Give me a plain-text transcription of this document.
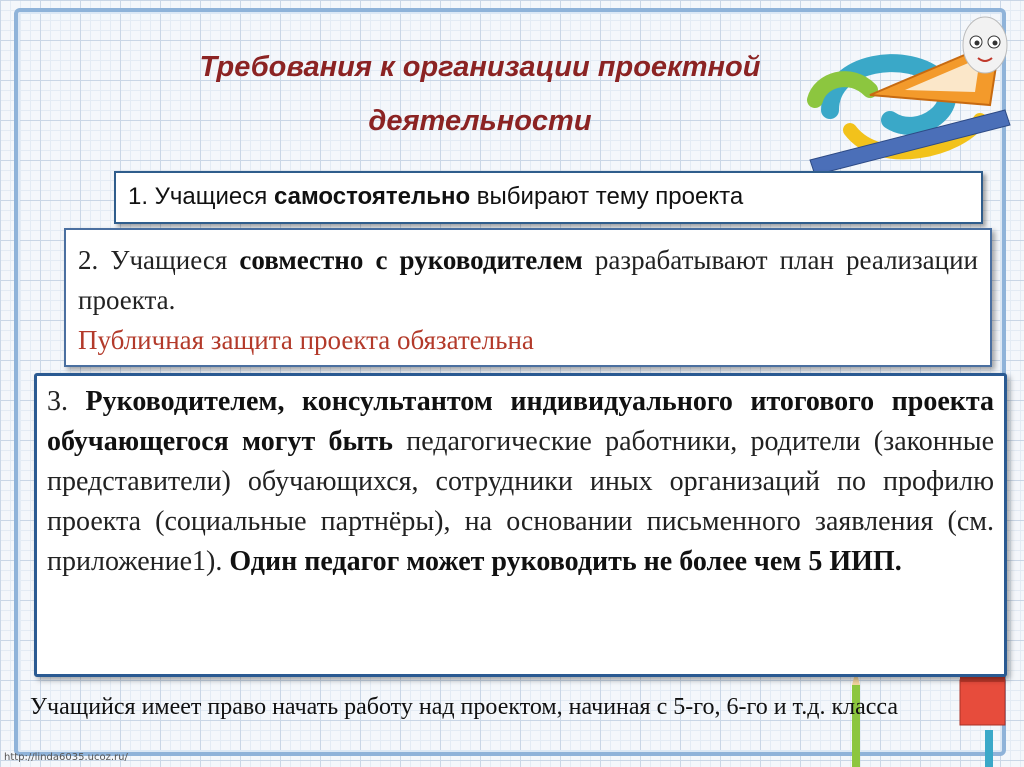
Требования к организации проектной
деятельности
1. Учащиеся самостоятельно выбирают тему проекта
2. Учащиеся совместно с руководителем разрабатывают план реализации проекта.
Публичная защита проекта обязательна
3. Руководителем, консультантом индивидуального итогового проекта обучающегося могут быть педагогические работники, родители (законные представители) обучающихся, сотрудники иных организаций по профилю проекта (социальные партнёры), на основании письменного заявления (см. приложение1). Один педагог может руководить не более чем 5 ИИП.
Учащийся имеет право начать работу над проектом, начиная с 5-го, 6-го и т.д. класса
http://linda6035.ucoz.ru/
